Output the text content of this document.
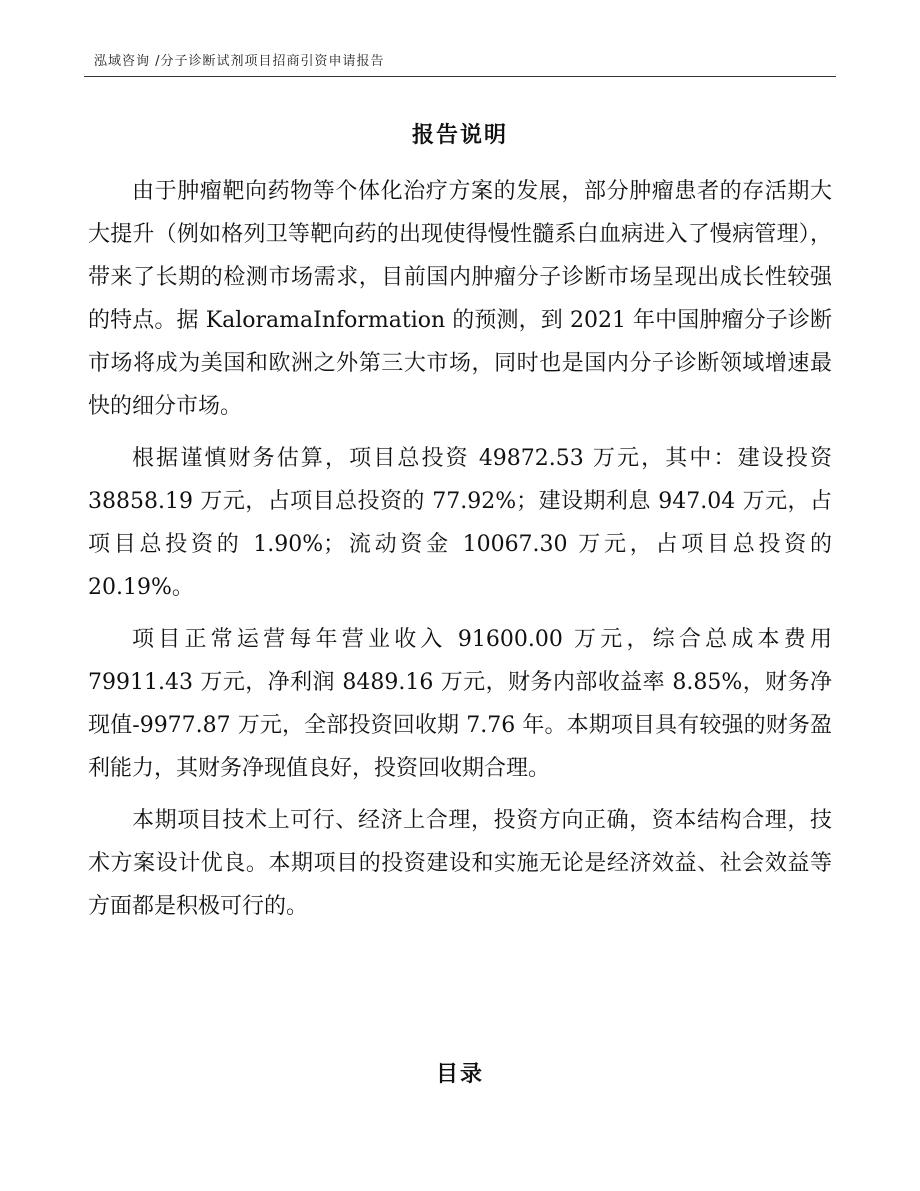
泓域咨询 /分子诊断试剂项目招商引资申请报告
报告说明

由于肿瘤靶向药物等个体化治疗方案的发展，部分肿瘤患者的存活期大大提升（例如格列卫等靶向药的出现使得慢性髓系白血病进入了慢病管理），带来了长期的检测市场需求，目前国内肿瘤分子诊断市场呈现出成长性较强的特点。据 KaloramaInformation 的预测，到 2021 年中国肿瘤分子诊断市场将成为美国和欧洲之外第三大市场，同时也是国内分子诊断领域增速最快的细分市场。

根据谨慎财务估算，项目总投资 49872.53 万元，其中：建设投资 38858.19 万元，占项目总投资的 77.92%；建设期利息 947.04 万元，占项目总投资的 1.90%；流动资金 10067.30 万元，占项目总投资的 20.19%。

项目正常运营每年营业收入 91600.00 万元，综合总成本费用 79911.43 万元，净利润 8489.16 万元，财务内部收益率 8.85%，财务净现值-9977.87 万元，全部投资回收期 7.76 年。本期项目具有较强的财务盈利能力，其财务净现值良好，投资回收期合理。

本期项目技术上可行、经济上合理，投资方向正确，资本结构合理，技术方案设计优良。本期项目的投资建设和实施无论是经济效益、社会效益等方面都是积极可行的。

目录
